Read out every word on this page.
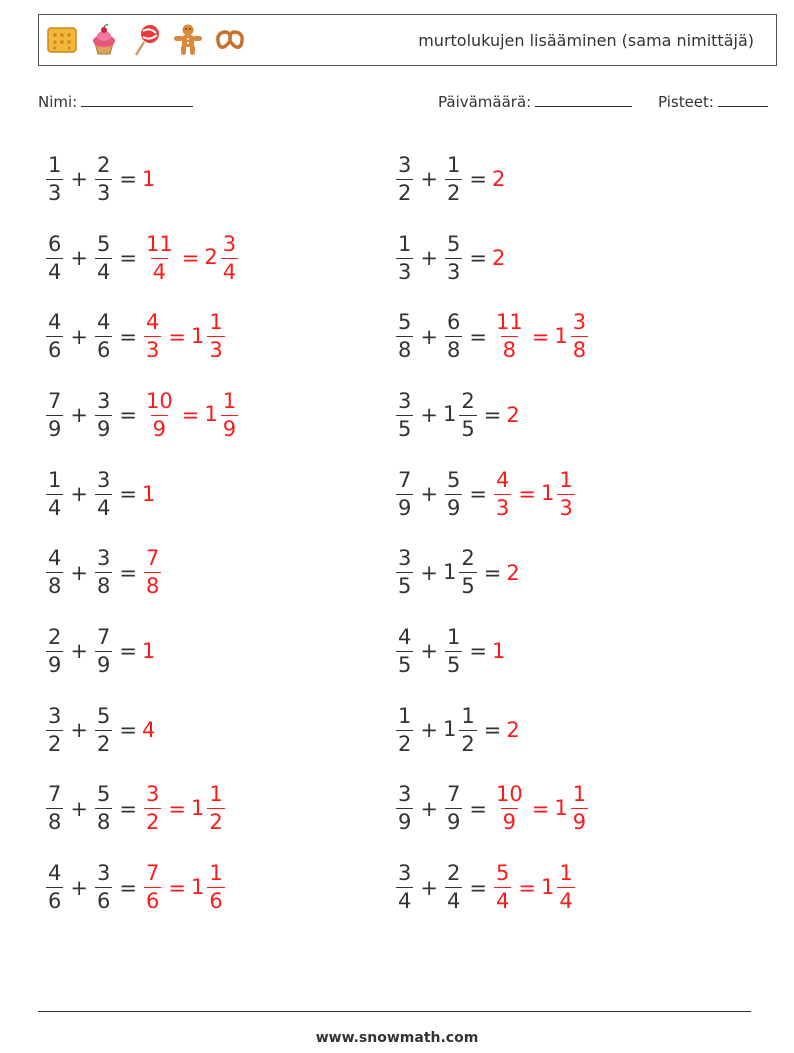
murtolukujen lisääminen (sama nimittäjä)
Nimi:	Päivämäärä:	Pisteet:
$\frac{1}{3} + \frac{2}{3} = 1$
$\frac{6}{4} + \frac{5}{4} = \frac{11}{4} = 2 \frac{3}{4}$
$\frac{4}{6} + \frac{4}{6} = \frac{4}{3} = 1 \frac{1}{3}$
$\frac{7}{9} + \frac{3}{9} = \frac{10}{9} = 1 \frac{1}{9}$
$\frac{1}{4} + \frac{3}{4} = 1$
$\frac{4}{8} + \frac{3}{8} = \frac{7}{8}$
$\frac{2}{9} + \frac{7}{9} = 1$
$\frac{3}{2} + \frac{5}{2} = 4$
$\frac{7}{8} + \frac{5}{8} = \frac{3}{2} = 1 \frac{1}{2}$
$\frac{4}{6} + \frac{3}{6} = \frac{7}{6} = 1 \frac{1}{6}$
$\frac{3}{2} + \frac{1}{2} = 2$
$\frac{1}{3} + \frac{5}{3} = 2$
$\frac{5}{8} + \frac{6}{8} = \frac{11}{8} = 1 \frac{3}{8}$
$\frac{3}{5} + 1 \frac{2}{5} = 2$
$\frac{7}{9} + \frac{5}{9} = \frac{4}{3} = 1 \frac{1}{3}$
$\frac{3}{5} + 1 \frac{2}{5} = 2$
$\frac{4}{5} + \frac{1}{5} = 1$
$\frac{1}{2} + 1 \frac{1}{2} = 2$
$\frac{3}{9} + \frac{7}{9} = \frac{10}{9} = 1 \frac{1}{9}$
$\frac{3}{4} + \frac{2}{4} = \frac{5}{4} = 1 \frac{1}{4}$
www.snowmath.com
